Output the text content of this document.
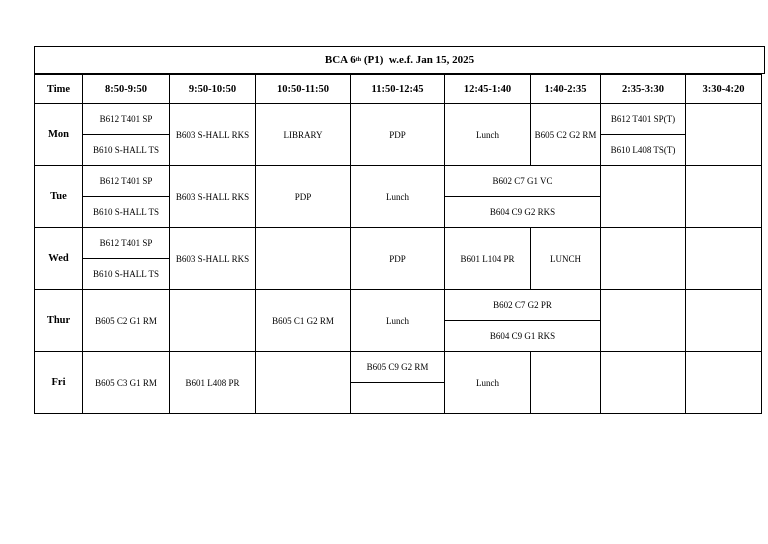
BCA 6 th (P1)  w.e.f. Jan 15, 2025
Time	8:50-9:50	9:50-10:50	10:50-11:50	11:50-12:45	12:45-1:40	1:40-2:35	2:35-3:30	3:30-4:20
Mon	B612 T401 SP	B603 S-HALL RKS	LIBRARY	PDP	Lunch	B605 C2 G2 RM	B612 T401 SP(T)	
	B610 S-HALL TS						B610 L408 TS(T)	
Tue	B612 T401 SP	B603 S-HALL RKS	PDP	Lunch	B602 C7 G1 VC			
	B610 S-HALL TS				B604 C9 G2 RKS			
Wed	B612 T401 SP	B603 S-HALL RKS		PDP	B601 L104 PR	LUNCH		
	B610 S-HALL TS							
Thur	B605 C2 G1 RM		B605 C1 G2 RM	Lunch	B602 C7 G2 PR			
					B604 C9 G1 RKS			
Fri	B605 C3 G1 RM	B601 L408 PR		B605 C9 G2 RM	Lunch			
